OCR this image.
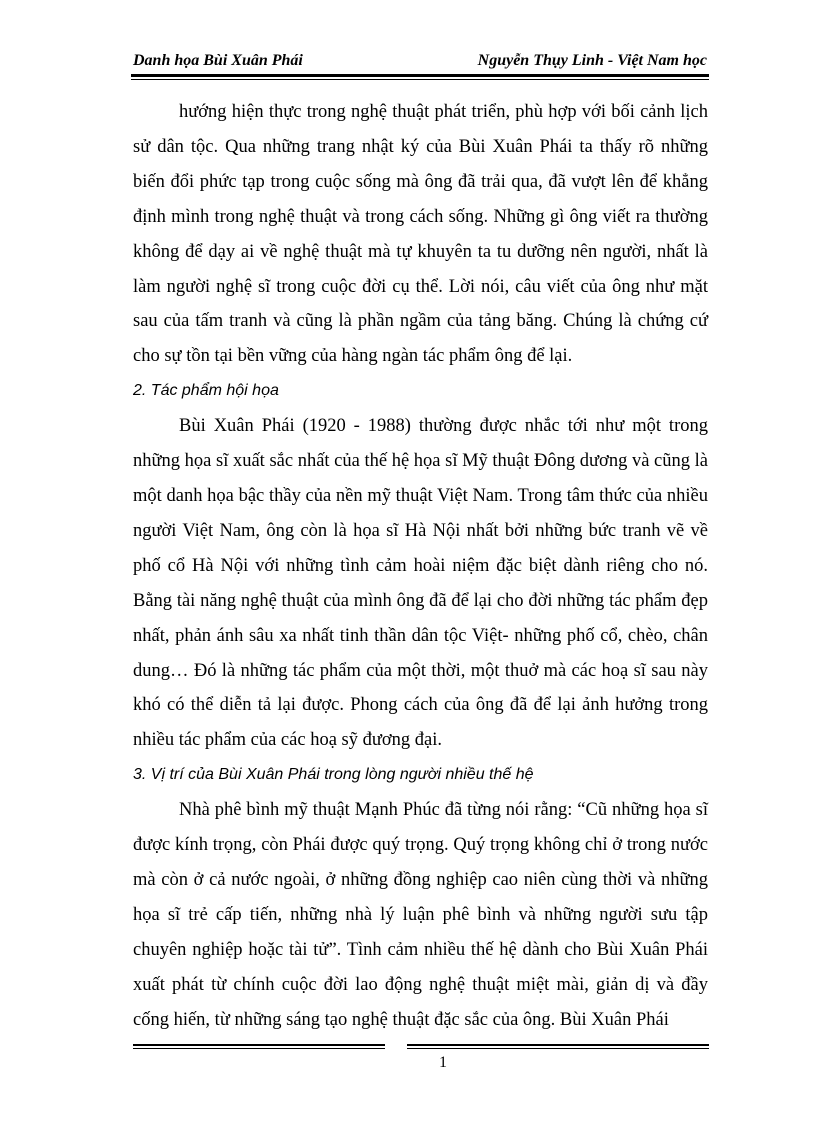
Danh họa Bùi Xuân Phái	Nguyễn Thụy Linh - Việt Nam học

hướng hiện thực trong nghệ thuật phát triển, phù hợp với bối cảnh lịch sử dân tộc. Qua những trang nhật ký của Bùi Xuân Phái ta thấy rõ những biến đổi phức tạp trong cuộc sống mà ông đã trải qua, đã vượt lên để khẳng định mình trong nghệ thuật và trong cách sống. Những gì ông viết ra thường không để dạy ai về nghệ thuật mà tự khuyên ta tu dưỡng nên người, nhất là làm người nghệ sĩ trong cuộc đời cụ thể. Lời nói, câu viết của ông như mặt sau của tấm tranh và cũng là phần ngầm của tảng băng. Chúng là chứng cứ cho sự tồn tại bền vững của hàng ngàn tác phẩm ông để lại.

2. Tác phẩm hội họa

Bùi Xuân Phái (1920 - 1988) thường được nhắc tới như một trong những họa sĩ xuất sắc nhất của thế hệ họa sĩ Mỹ thuật Đông dương và cũng là một danh họa bậc thầy của nền mỹ thuật Việt Nam. Trong tâm thức của nhiều người Việt Nam, ông còn là họa sĩ Hà Nội nhất bởi những bức tranh vẽ về phố cổ Hà Nội với những tình cảm hoài niệm đặc biệt dành riêng cho nó. Bằng tài năng nghệ thuật của mình ông đã để lại cho đời những tác phẩm đẹp nhất, phản ánh sâu xa nhất tinh thần dân tộc Việt- những phố cổ, chèo, chân dung… Đó là những tác phẩm của một thời, một thuở mà các hoạ sĩ sau này khó có thể diễn tả lại được. Phong cách của ông đã để lại ảnh hưởng trong nhiều tác phẩm của các hoạ sỹ đương đại.

3. Vị trí của Bùi Xuân Phái trong lòng người nhiều thế hệ

Nhà phê bình mỹ thuật Mạnh Phúc đã từng nói rằng: “Cũ những họa sĩ được kính trọng, còn Phái được quý trọng. Quý trọng không chỉ ở trong nước mà còn ở cả nước ngoài, ở những đồng nghiệp cao niên cùng thời và những họa sĩ trẻ cấp tiến, những nhà lý luận phê bình và những người sưu tập chuyên nghiệp hoặc tài tử”. Tình cảm nhiều thế hệ dành cho Bùi Xuân Phái xuất phát từ chính cuộc đời lao động nghệ thuật miệt mài, giản dị và đầy cống hiến, từ những sáng tạo nghệ thuật đặc sắc của ông. Bùi Xuân Phái

1
